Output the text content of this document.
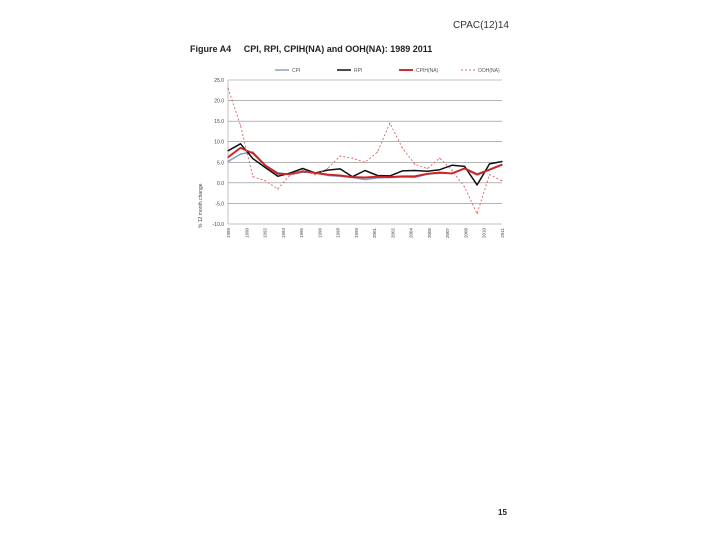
CPAC(12)14
Figure A4 CPI, RPI, CPIH(NA) and OOH(NA): 1989 2011
CPI	RPI	CPIH(NA)	OOH(NA)
25.0
20.0
15.0
10.0
5.0
0.0
-5.0
-10.0
1989	1990	1992	1993	1995	1996	1998	1999	2001	2002	2004	2005	2007	2008	2010	2011
% 12 month change
15
